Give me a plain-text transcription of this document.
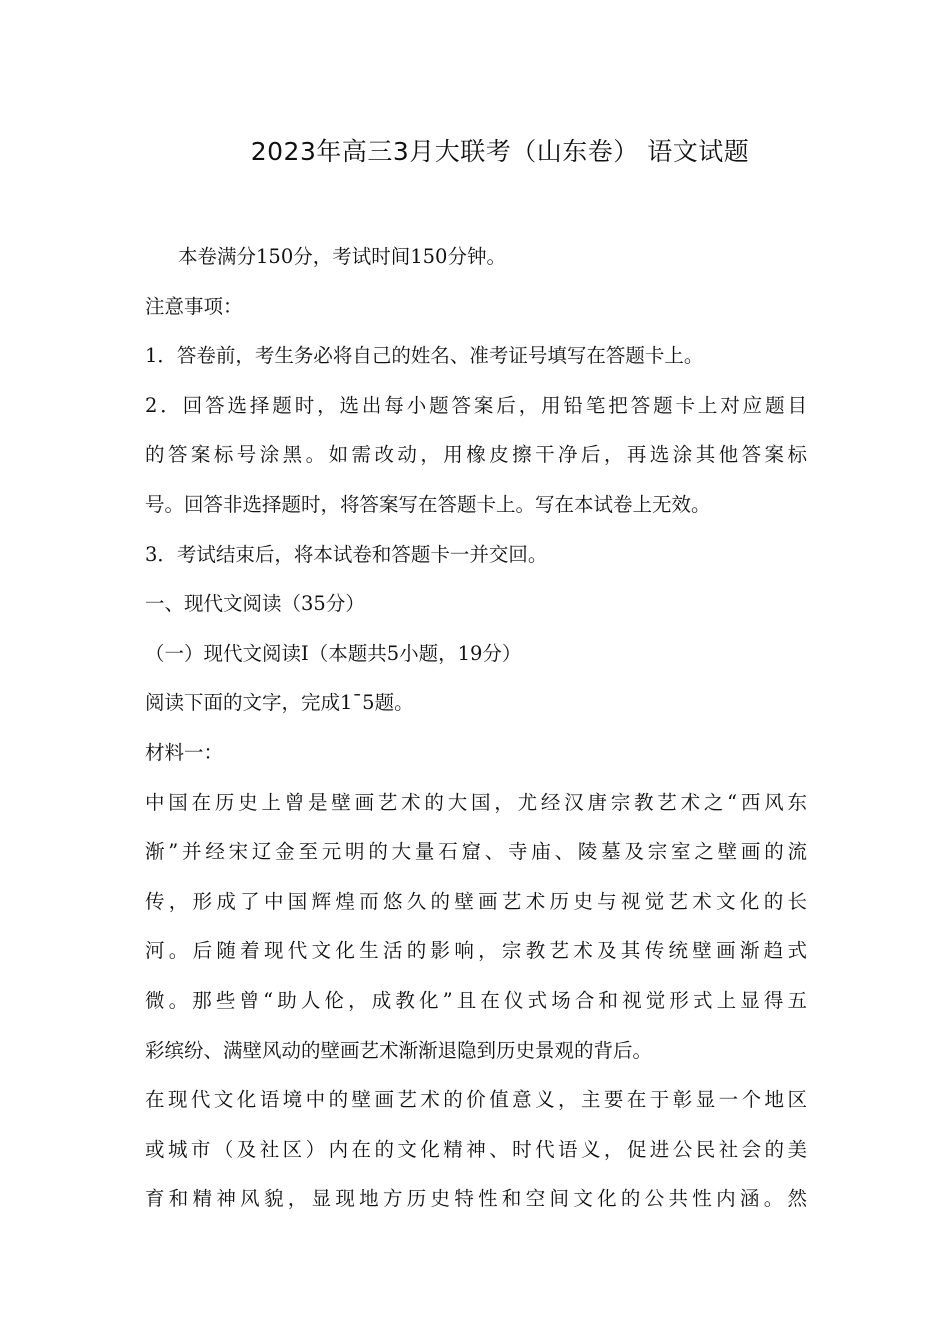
2023年高三3月大联考（山东卷） 语文试题
本卷满分150分，考试时间150分钟。
注意事项：
1．答卷前，考生务必将自己的姓名、准考证号填写在答题卡上。
2．回答选择题时，选出每小题答案后，用铅笔把答题卡上对应题目
的答案标号涂黑。如需改动，用橡皮擦干净后，再选涂其他答案标
号。回答非选择题时，将答案写在答题卡上。写在本试卷上无效。
3．考试结束后，将本试卷和答题卡一并交回。
一、现代文阅读（35分）
（一）现代文阅读I（本题共5小题，19分）
阅读下面的文字，完成1¯5题。
材料一：
中国在历史上曾是壁画艺术的大国，尤经汉唐宗教艺术之“西风东
渐”并经宋辽金至元明的大量石窟、寺庙、陵墓及宗室之壁画的流
传，形成了中国辉煌而悠久的壁画艺术历史与视觉艺术文化的长
河。后随着现代文化生活的影响，宗教艺术及其传统壁画渐趋式
微。那些曾“助人伦，成教化”且在仪式场合和视觉形式上显得五
彩缤纷、满壁风动的壁画艺术渐渐退隐到历史景观的背后。
在现代文化语境中的壁画艺术的价值意义，主要在于彰显一个地区
或城市（及社区）内在的文化精神、时代语义，促进公民社会的美
育和精神风貌，显现地方历史特性和空间文化的公共性内涵。然
